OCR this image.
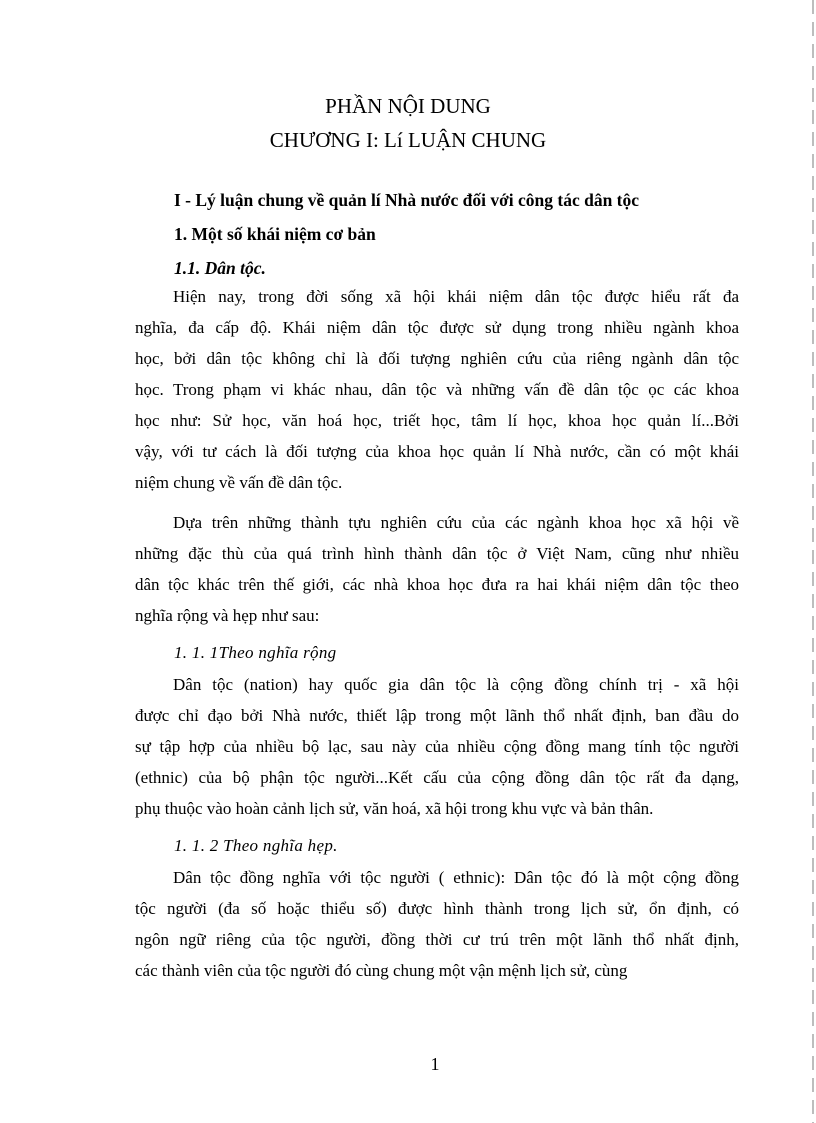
PHẦN NỘI DUNG
CHƯƠNG I: Lí LUẬN CHUNG
I - Lý luận chung về quản lí Nhà nước đối với công tác dân tộc
1. Một số khái niệm cơ bản
1.1. Dân tộc.
Hiện nay, trong đời sống xã hội khái niệm dân tộc được hiểu rất đa
nghĩa, đa cấp độ. Khái niệm dân tộc được sử dụng trong nhiều ngành khoa
học, bởi dân tộc không chỉ là đối tượng nghiên cứu của riêng ngành dân tộc
học. Trong phạm vi khác nhau, dân tộc và những vấn đề dân tộc ọc các khoa
học như: Sử học, văn hoá học, triết học, tâm lí học, khoa học quản lí...Bởi
vậy, với tư cách là đối tượng của khoa học quản lí Nhà nước, cần có một khái
niệm chung về vấn đề dân tộc.
Dựa trên những thành tựu nghiên cứu của các ngành khoa học xã hội về
những đặc thù của quá trình hình thành dân tộc ở Việt Nam, cũng như nhiều
dân tộc khác trên thế giới, các nhà khoa học đưa ra hai khái niệm dân tộc theo
nghĩa rộng và hẹp như sau:

1. 1. 1Theo nghĩa rộng

Dân tộc (nation) hay quốc gia dân tộc là cộng đồng chính trị - xã hội
được chỉ đạo bởi Nhà nước, thiết lập trong một lãnh thổ nhất định, ban đầu do
sự tập hợp của nhiều bộ lạc, sau này của nhiều cộng đồng mang tính tộc người
(ethnic) của bộ phận tộc người...Kết cấu của cộng đồng dân tộc rất đa dạng,
phụ thuộc vào hoàn cảnh lịch sử, văn hoá, xã hội trong khu vực và bản thân.

1. 1. 2 Theo nghĩa hẹp.

Dân tộc đồng nghĩa với tộc người ( ethnic): Dân tộc đó là một cộng đồng
tộc người (đa số hoặc thiểu số) được hình thành trong lịch sử, ổn định, có
ngôn ngữ riêng của tộc người, đồng thời cư trú trên một lãnh thổ nhất định,
các thành viên của tộc người đó cùng chung một vận mệnh lịch sử, cùng
1
